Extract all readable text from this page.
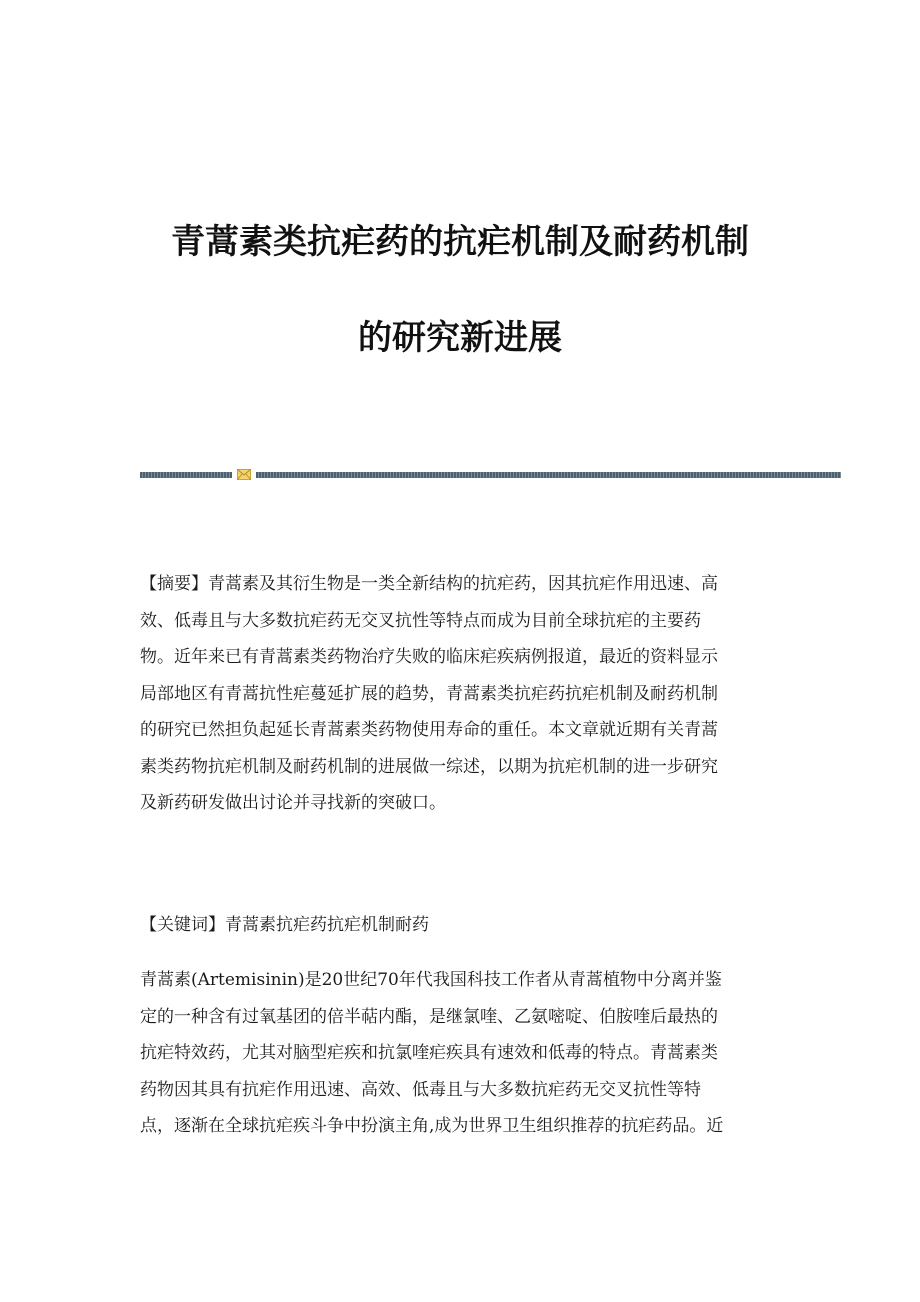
青蒿素类抗疟药的抗疟机制及耐药机制
的研究新进展
【摘要】青蒿素及其衍生物是一类全新结构的抗疟药，因其抗疟作用迅速、高
效、低毒且与大多数抗疟药无交叉抗性等特点而成为目前全球抗疟的主要药
物。近年来已有青蒿素类药物治疗失败的临床疟疾病例报道，最近的资料显示
局部地区有青蒿抗性疟蔓延扩展的趋势，青蒿素类抗疟药抗疟机制及耐药机制
的研究已然担负起延长青蒿素类药物使用寿命的重任。本文章就近期有关青蒿
素类药物抗疟机制及耐药机制的进展做一综述，以期为抗疟机制的进一步研究
及新药研发做出讨论并寻找新的突破口。
【关键词】青蒿素抗疟药抗疟机制耐药
青蒿素(Artemisinin)是20世纪70年代我国科技工作者从青蒿植物中分离并鉴
定的一种含有过氧基团的倍半萜内酯，是继氯喹、乙氨嘧啶、伯胺喹后最热的
抗疟特效药，尤其对脑型疟疾和抗氯喹疟疾具有速效和低毒的特点。青蒿素类
药物因其具有抗疟作用迅速、高效、低毒且与大多数抗疟药无交叉抗性等特
点，逐渐在全球抗疟疾斗争中扮演主角,成为世界卫生组织推荐的抗疟药品。近
